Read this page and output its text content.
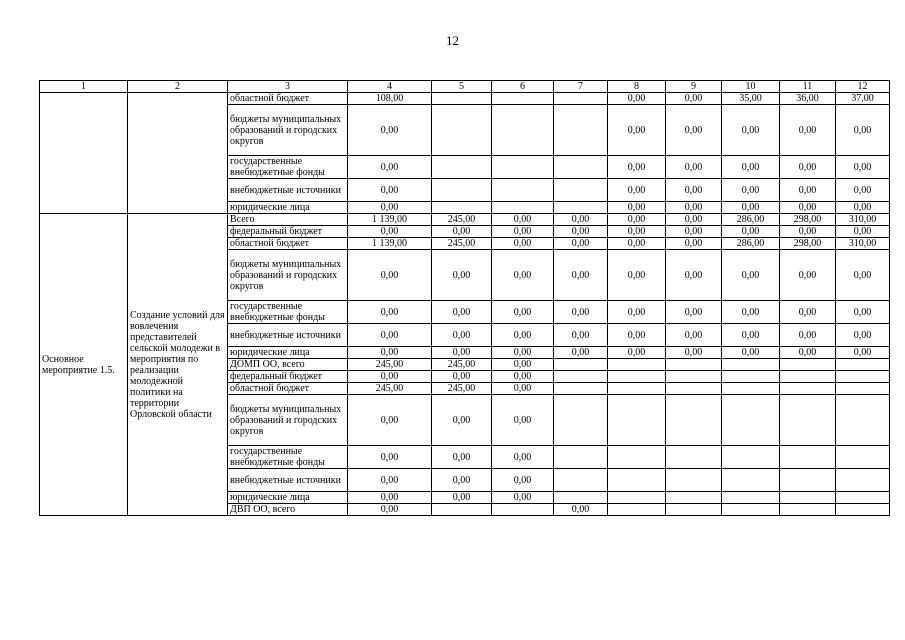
12
1	2	3	4	5	6	7	8	9	10	11	12
		областной бюджет	108,00				0,00	0,00	35,00	36,00	37,00
		бюджеты муниципальных образований и городских округов	0,00				0,00	0,00	0,00	0,00	0,00
		государственные внебюджетные фонды	0,00				0,00	0,00	0,00	0,00	0,00
		внебюджетные источники	0,00				0,00	0,00	0,00	0,00	0,00
		юридические лица	0,00				0,00	0,00	0,00	0,00	0,00
Основное мероприятие 1.5.	Создание условий для вовлечения представителей сельской молодежи в мероприятия по реализации молодежной политики на территории Орловской области	Всего	1 139,00	245,00	0,00	0,00	0,00	0,00	286,00	298,00	310,00
		федеральный бюджет	0,00	0,00	0,00	0,00	0,00	0,00	0,00	0,00	0,00
		областной бюджет	1 139,00	245,00	0,00	0,00	0,00	0,00	286,00	298,00	310,00
		бюджеты муниципальных образований и городских округов	0,00	0,00	0,00	0,00	0,00	0,00	0,00	0,00	0,00
		государственные внебюджетные фонды	0,00	0,00	0,00	0,00	0,00	0,00	0,00	0,00	0,00
		внебюджетные источники	0,00	0,00	0,00	0,00	0,00	0,00	0,00	0,00	0,00
		юридические лица	0,00	0,00	0,00	0,00	0,00	0,00	0,00	0,00	0,00
		ДОМП ОО, всего	245,00	245,00	0,00						
		федеральный бюджет	0,00	0,00	0,00						
		областной бюджет	245,00	245,00	0,00						
		бюджеты муниципальных образований и городских округов	0,00	0,00	0,00						
		государственные внебюджетные фонды	0,00	0,00	0,00						
		внебюджетные источники	0,00	0,00	0,00						
		юридические лица	0,00	0,00	0,00						
		ДВП ОО, всего	0,00			0,00					
